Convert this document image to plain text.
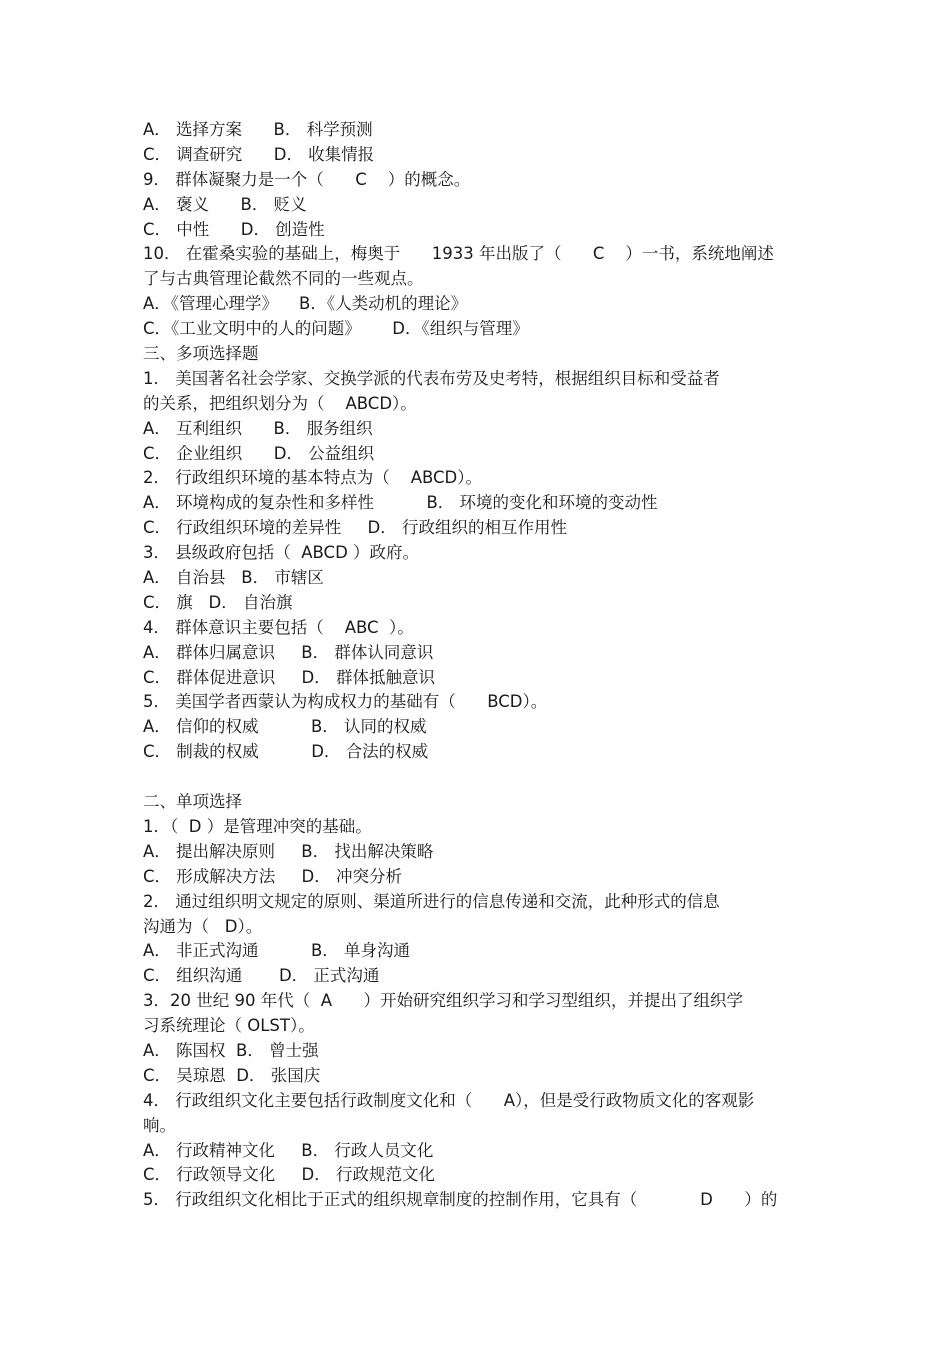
A． 选择方案      B． 科学预测
C． 调查研究      D． 收集情报
9． 群体凝聚力是一个（      C    ）的概念。
A． 褒义      B． 贬义
C． 中性      D． 创造性
10． 在霍桑实验的基础上，梅奥于      1933 年出版了（      C    ）一书，系统地阐述
了与古典管理论截然不同的一些观点。
A．《管理心理学》    B．《人类动机的理论》
C．《工业文明中的人的问题》      D．《组织与管理》
三、多项选择题
1． 美国著名社会学家、交换学派的代表布劳及史考特，根据组织目标和受益者
的关系，把组织划分为（    ABCD）。
A． 互利组织      B． 服务组织
C． 企业组织      D． 公益组织
2． 行政组织环境的基本特点为（    ABCD）。
A． 环境构成的复杂性和多样性          B． 环境的变化和环境的变动性
C． 行政组织环境的差异性     D． 行政组织的相互作用性
3． 县级政府包括（  ABCD ）政府。
A． 自治县   B． 市辖区
C． 旗   D． 自治旗
4． 群体意识主要包括（    ABC  ）。
A． 群体归属意识     B． 群体认同意识
C． 群体促进意识     D． 群体抵触意识
5． 美国学者西蒙认为构成权力的基础有（      BCD）。
A． 信仰的权威          B． 认同的权威
C． 制裁的权威          D． 合法的权威
二、单项选择
1．（  D ）是管理冲突的基础。
A． 提出解决原则     B． 找出解决策略
C． 形成解决方法     D． 冲突分析
2． 通过组织明文规定的原则、渠道所进行的信息传递和交流，此种形式的信息
沟通为（   D）。
A． 非正式沟通          B． 单身沟通
C． 组织沟通       D． 正式沟通
3．20 世纪 90 年代（  A      ）开始研究组织学习和学习型组织，并提出了组织学
习系统理论（ OLST）。
A． 陈国权  B． 曾士强
C． 吴琼恩  D． 张国庆
4． 行政组织文化主要包括行政制度文化和（      A），但是受行政物质文化的客观影
响。
A． 行政精神文化     B． 行政人员文化
C． 行政领导文化     D． 行政规范文化
5． 行政组织文化相比于正式的组织规章制度的控制作用，它具有（            D      ）的
